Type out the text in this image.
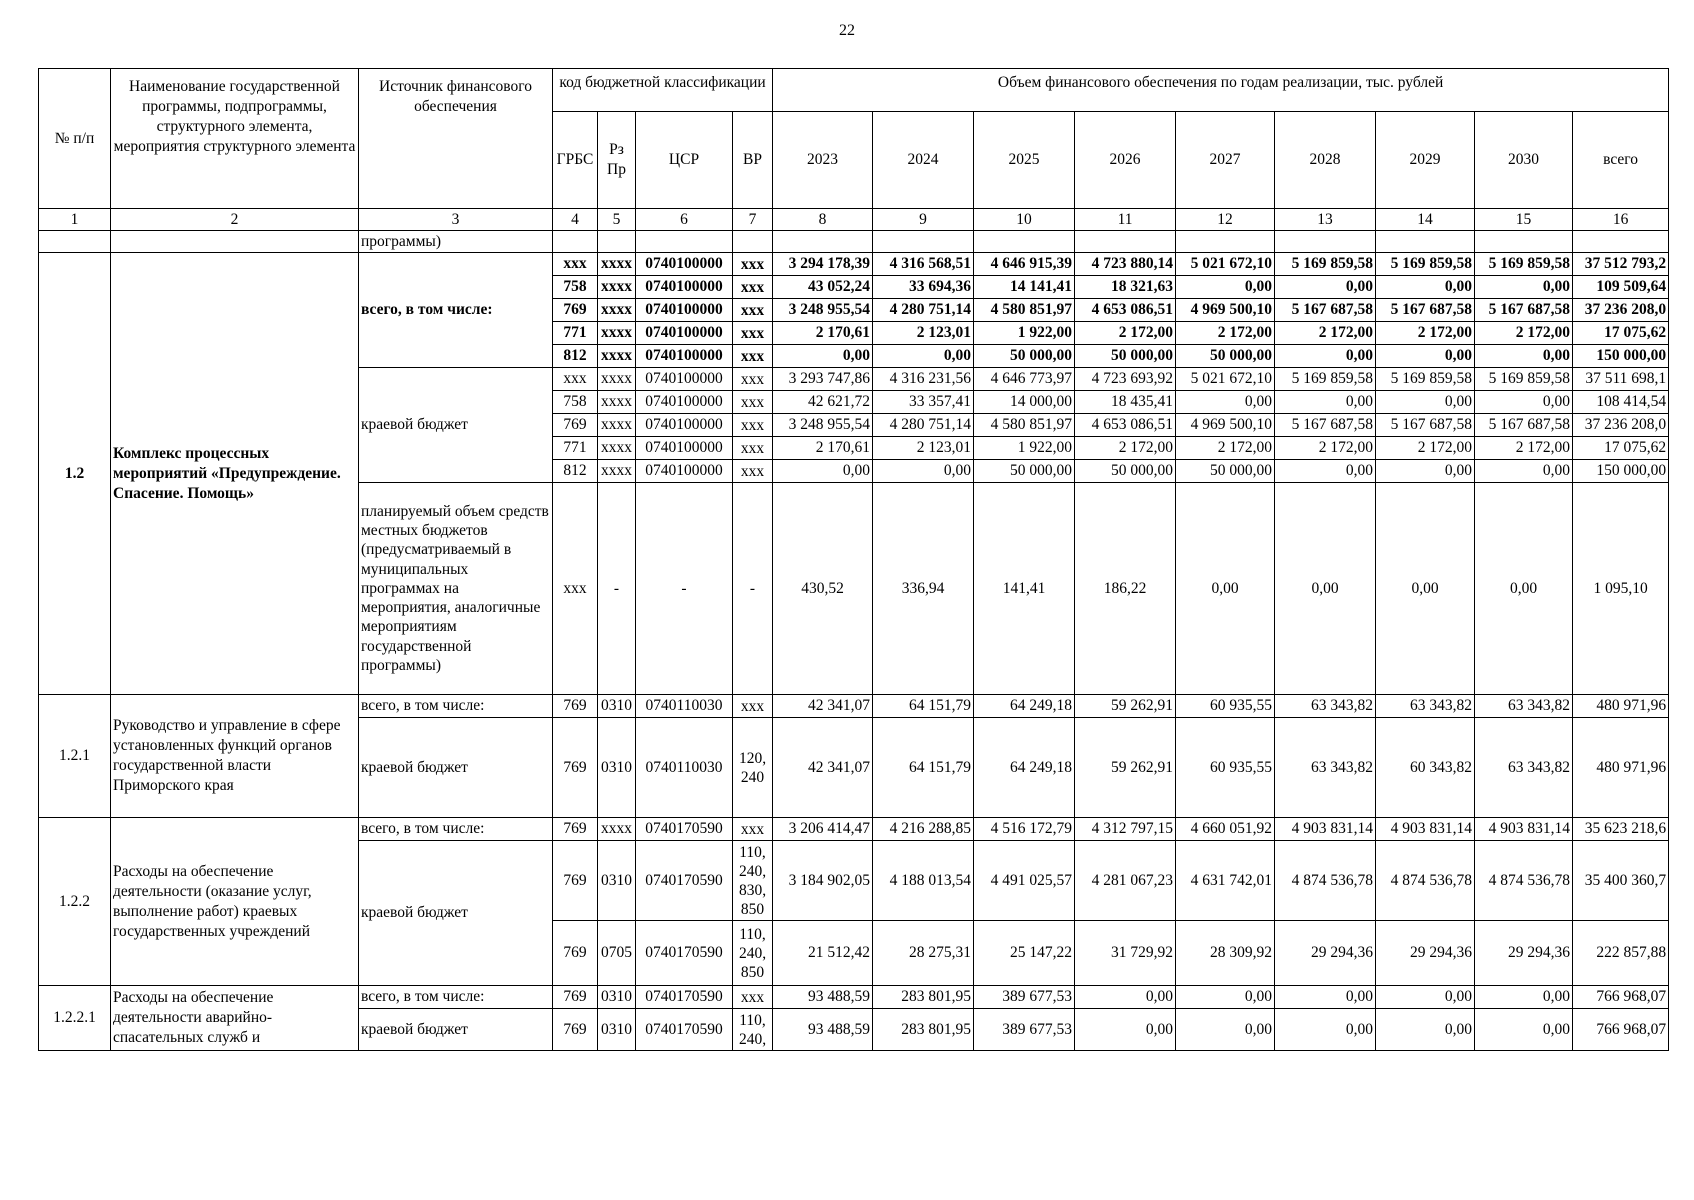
22
№ п/п	Наименование государственной программы, подпрограммы, структурного элемента, мероприятия структурного элемента	Источник финансового обеспечения	код бюджетной классификации				Объем финансового обеспечения по годам реализации, тыс. рублей								
			ГРБС	Рз Пр	ЦСР	ВР	2023	2024	2025	2026	2027	2028	2029	2030	всего
1	2	3	4	5	6	7	8	9	10	11	12	13	14	15	16
		программы)													
1.2	Комплекс процессных мероприятий «Предупреждение. Спасение. Помощь»	всего, в том числе:	xxx	xxxx	0740100000	xxx	3 294 178,39	4 316 568,51	4 646 915,39	4 723 880,14	5 021 672,10	5 169 859,58	5 169 859,58	5 169 859,58	37 512 793,2
			758	xxxx	0740100000	xxx	43 052,24	33 694,36	14 141,41	18 321,63	0,00	0,00	0,00	0,00	109 509,64
			769	xxxx	0740100000	xxx	3 248 955,54	4 280 751,14	4 580 851,97	4 653 086,51	4 969 500,10	5 167 687,58	5 167 687,58	5 167 687,58	37 236 208,0
			771	xxxx	0740100000	xxx	2 170,61	2 123,01	1 922,00	2 172,00	2 172,00	2 172,00	2 172,00	2 172,00	17 075,62
			812	xxxx	0740100000	xxx	0,00	0,00	50 000,00	50 000,00	50 000,00	0,00	0,00	0,00	150 000,00
		краевой бюджет	xxx	xxxx	0740100000	xxx	3 293 747,86	4 316 231,56	4 646 773,97	4 723 693,92	5 021 672,10	5 169 859,58	5 169 859,58	5 169 859,58	37 511 698,1
			758	xxxx	0740100000	xxx	42 621,72	33 357,41	14 000,00	18 435,41	0,00	0,00	0,00	0,00	108 414,54
			769	xxxx	0740100000	xxx	3 248 955,54	4 280 751,14	4 580 851,97	4 653 086,51	4 969 500,10	5 167 687,58	5 167 687,58	5 167 687,58	37 236 208,0
			771	xxxx	0740100000	xxx	2 170,61	2 123,01	1 922,00	2 172,00	2 172,00	2 172,00	2 172,00	2 172,00	17 075,62
			812	xxxx	0740100000	xxx	0,00	0,00	50 000,00	50 000,00	50 000,00	0,00	0,00	0,00	150 000,00
		планируемый объем средств местных бюджетов (предусматриваемый в муниципальных программах на мероприятия, аналогичные мероприятиям государственной программы)	xxx	-	-	-	430,52	336,94	141,41	186,22	0,00	0,00	0,00	0,00	1 095,10
1.2.1	Руководство и управление в сфере установленных функций органов государственной власти Приморского края	всего, в том числе:	769	0310	0740110030	xxx	42 341,07	64 151,79	64 249,18	59 262,91	60 935,55	63 343,82	63 343,82	63 343,82	480 971,96
		краевой бюджет	769	0310	0740110030	120, 240	42 341,07	64 151,79	64 249,18	59 262,91	60 935,55	63 343,82	60 343,82	63 343,82	480 971,96
1.2.2	Расходы на обеспечение деятельности (оказание услуг, выполнение работ) краевых государственных учреждений	всего, в том числе:	769	xxxx	0740170590	xxx	3 206 414,47	4 216 288,85	4 516 172,79	4 312 797,15	4 660 051,92	4 903 831,14	4 903 831,14	4 903 831,14	35 623 218,6
		краевой бюджет	769	0310	0740170590	110, 240, 830, 850	3 184 902,05	4 188 013,54	4 491 025,57	4 281 067,23	4 631 742,01	4 874 536,78	4 874 536,78	4 874 536,78	35 400 360,7
			769	0705	0740170590	110, 240, 850	21 512,42	28 275,31	25 147,22	31 729,92	28 309,92	29 294,36	29 294,36	29 294,36	222 857,88
1.2.2.1	Расходы на обеспечение деятельности аварийно-спасательных служб и	всего, в том числе:	769	0310	0740170590	xxx	93 488,59	283 801,95	389 677,53	0,00	0,00	0,00	0,00	0,00	766 968,07
		краевой бюджет	769	0310	0740170590	110, 240,	93 488,59	283 801,95	389 677,53	0,00	0,00	0,00	0,00	0,00	766 968,07
